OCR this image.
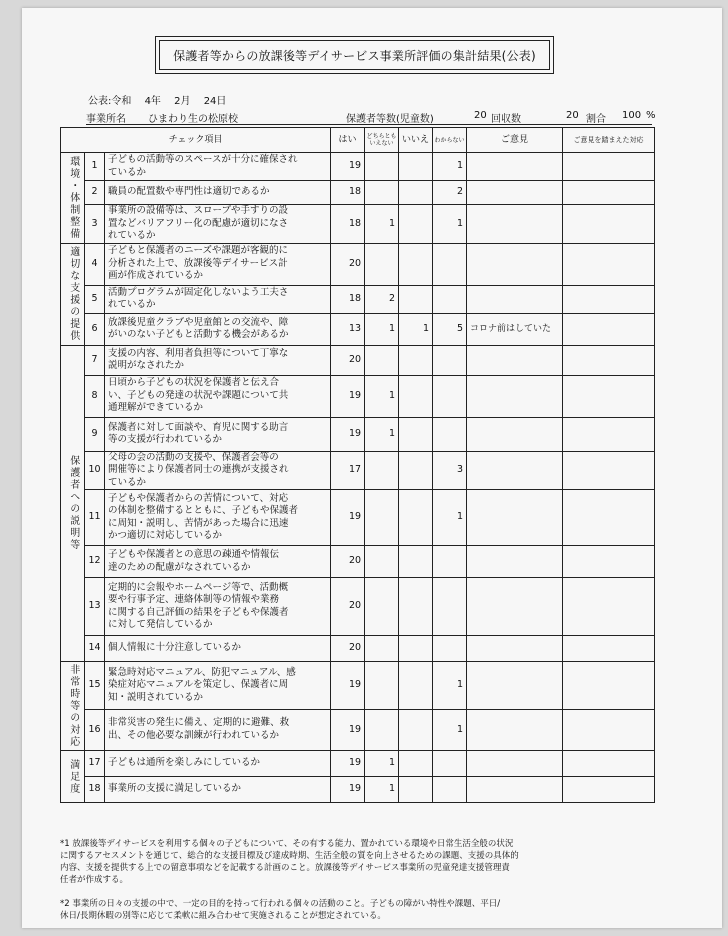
保護者等からの放課後等デイサービス事業所評価の集計結果(公表)
公表:令和 4年 2月 24日
事業所名 ひまわり生の松原校	保護者等数(児童数)	20 回収数	20 割合 100 %
チェック項目			はい	どちらともいえない	いいえ	わからない	ご意見	ご意見を踏まえた対応
環境・体制整備	1	子どもの活動等のスペースが十分に確保され
ているか	19			1		
	2	職員の配置数や専門性は適切であるか	18			2		
	3	事業所の設備等は、スロープや手すりの設
置などバリアフリー化の配慮が適切になさ
れているか	18	1		1		
適切な支援の提供	4	子どもと保護者のニーズや課題が客観的に
分析された上で、放課後等デイサービス計
画が作成されているか	20					
	5	活動プログラムが固定化しないよう工夫さ
れているか	18	2				
	6	放課後児童クラブや児童館との交流や、障
がいのない子どもと活動する機会があるか	13	1	1	5	コロナ前はしていた	
保護者への説明等	7	支援の内容、利用者負担等について丁寧な
説明がなされたか	20					
	8	日頃から子どもの状況を保護者と伝え合
い、子どもの発達の状況や課題について共
通理解ができているか	19	1				
	9	保護者に対して面談や、育児に関する助言
等の支援が行われているか	19	1				
	10	父母の会の活動の支援や、保護者会等の
開催等により保護者同士の連携が支援され
ているか	17			3		
	11	子どもや保護者からの苦情について、対応
の体制を整備するとともに、子どもや保護者
に周知・説明し、苦情があった場合に迅速
かつ適切に対応しているか	19			1		
	12	子どもや保護者との意思の疎通や情報伝
達のための配慮がなされているか	20					
	13	定期的に会報やホームページ等で、活動概
要や行事予定、連絡体制等の情報や業務
に関する自己評価の結果を子どもや保護者
に対して発信しているか	20					
	14	個人情報に十分注意しているか	20					
非常時等の対応	15	緊急時対応マニュアル、防犯マニュアル、感
染症対応マニュアルを策定し、保護者に周
知・説明されているか	19			1		
	16	非常災害の発生に備え、定期的に避難、救
出、その他必要な訓練が行われているか	19			1		
満足度	17	子どもは通所を楽しみにしているか	19	1				
	18	事業所の支援に満足しているか	19	1				

*1 放課後等デイサービスを利用する個々の子どもについて、その有する能力、置かれている環境や日常生活全般の状況
に関するアセスメントを通じて、総合的な支援目標及び達成時期、生活全般の質を向上させるための課題、支援の具体的
内容、支援を提供する上での留意事項などを記載する計画のこと。放課後等デイサービス事業所の児童発達支援管理責
任者が作成する。

*2 事業所の日々の支援の中で、一定の目的を持って行われる個々の活動のこと。子どもの障がい特性や課題、平日/
休日/長期休暇の別等に応じて柔軟に組み合わせて実施されることが想定されている。
